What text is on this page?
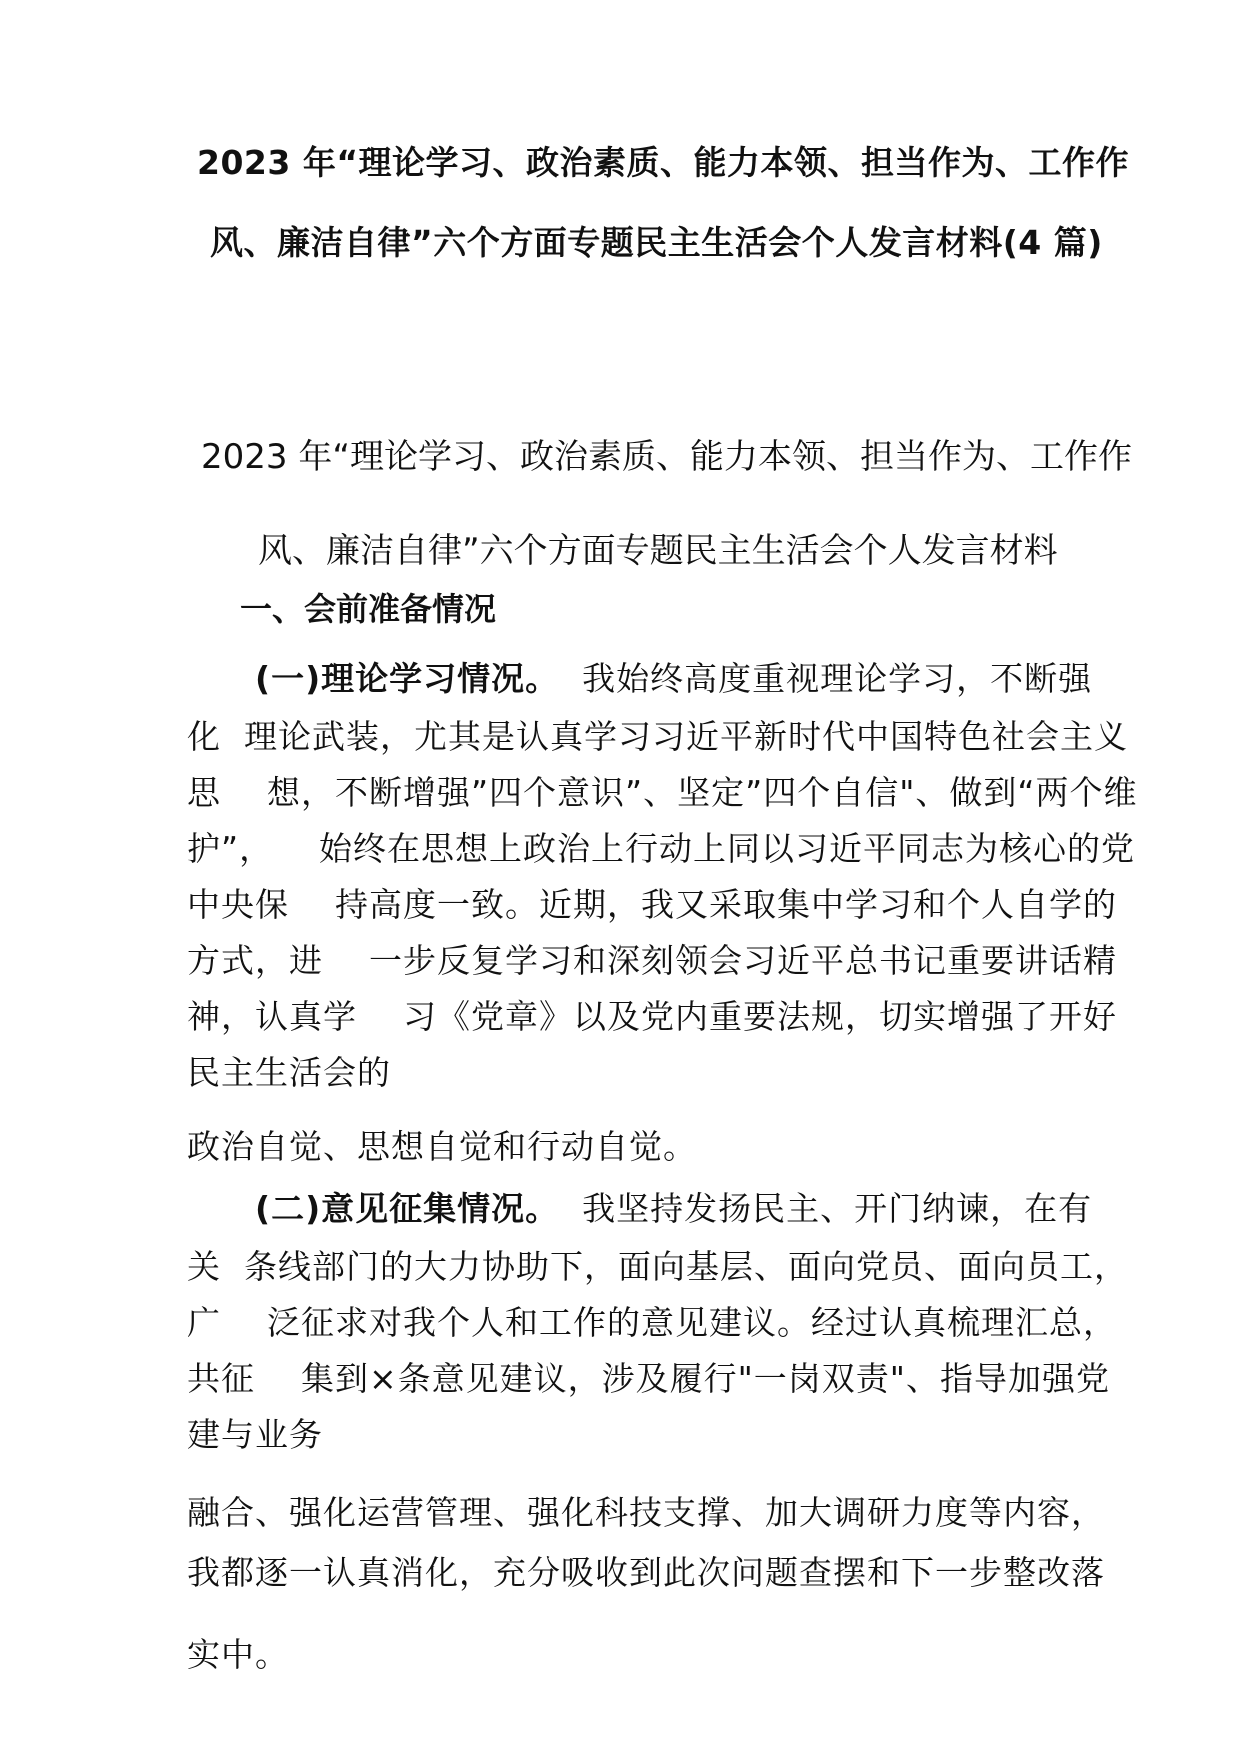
2023 年“理论学习、政治素质、能力本领、担当作为、工作作
风、廉洁自律”六个方面专题民主生活会个人发言材料(4 篇)
2023 年“理论学习、政治素质、能力本领、担当作为、工作作
风、廉洁自律”六个方面专题民主生活会个人发言材料
一、会前准备情况
(一)理论学习情况。  我始终高度重视理论学习，不断强
化  理论武装，尤其是认真学习习近平新时代中国特色社会主义
思    想，不断增强”四个意识”、坚定”四个自信"、做到“两个维
护”，    始终在思想上政治上行动上同以习近平同志为核心的党
中央保    持高度一致。近期，我又采取集中学习和个人自学的
方式，进    一步反复学习和深刻领会习近平总书记重要讲话精
神，认真学    习《党章》以及党内重要法规，切实增强了开好
民主生活会的
政治自觉、思想自觉和行动自觉。
(二)意见征集情况。  我坚持发扬民主、开门纳谏，在有
关  条线部门的大力协助下，面向基层、面向党员、面向员工，
广    泛征求对我个人和工作的意见建议。经过认真梳理汇总，
共征    集到×条意见建议，涉及履行"一岗双责"、指导加强党
建与业务
融合、强化运营管理、强化科技支撑、加大调研力度等内容，
我都逐一认真消化，充分吸收到此次问题查摆和下一步整改落
实中。
